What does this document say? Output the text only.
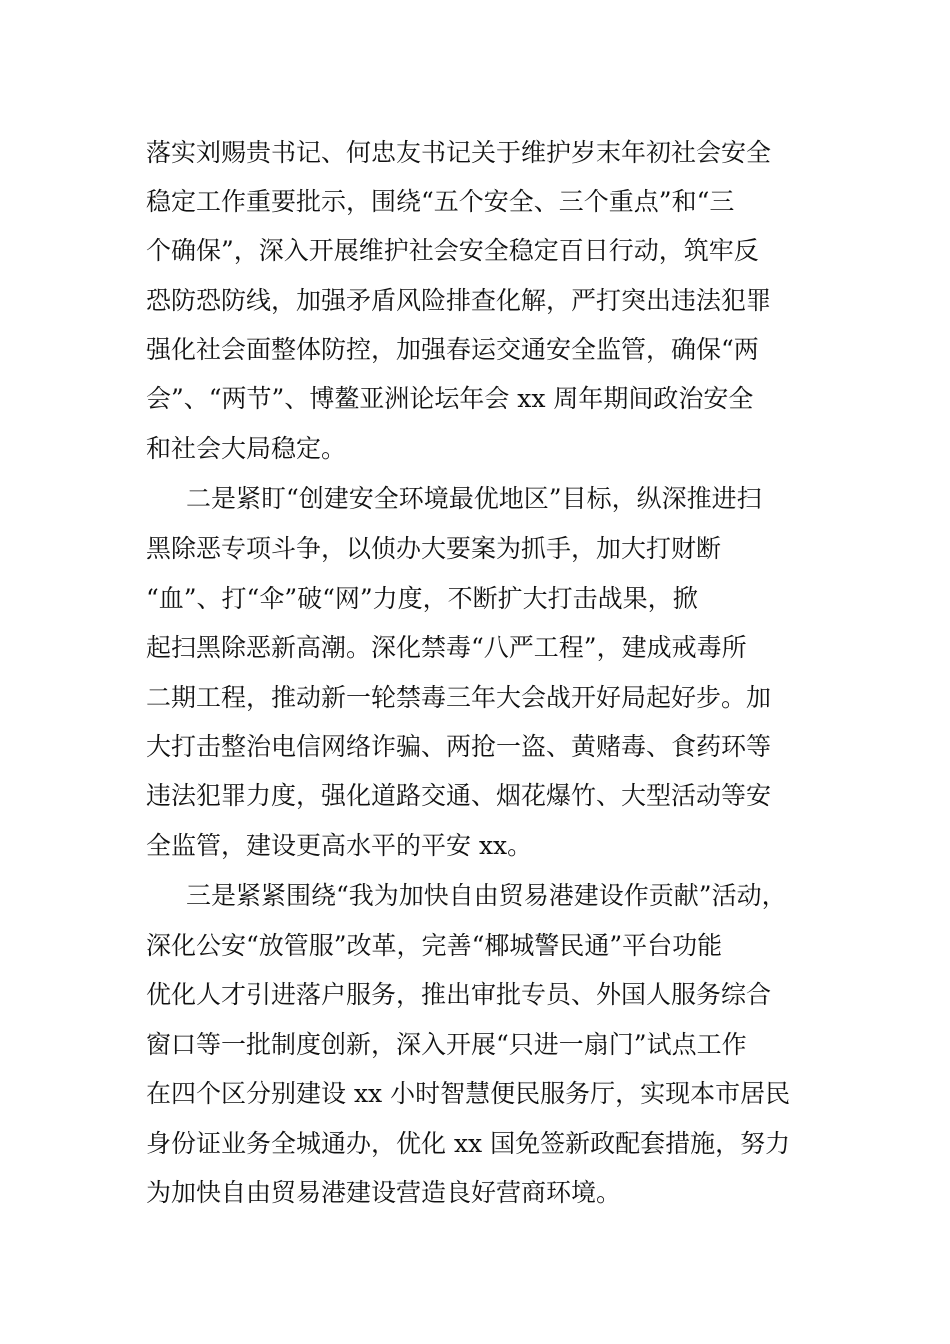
落实刘赐贵书记、何忠友书记关于维护岁末年初社会安全
稳定工作重要批示，围绕“五个安全、三个重点”和“三
个确保”，深入开展维护社会安全稳定百日行动，筑牢反
恐防恐防线，加强矛盾风险排查化解，严打突出违法犯罪
强化社会面整体防控，加强春运交通安全监管，确保“两
会”、“两节”、博鳌亚洲论坛年会 xx 周年期间政治安全
和社会大局稳定。
二是紧盯“创建安全环境最优地区”目标，纵深推进扫
黑除恶专项斗争，以侦办大要案为抓手，加大打财断
“血”、打“伞”破“网”力度，不断扩大打击战果，掀
起扫黑除恶新高潮。深化禁毒“八严工程”，建成戒毒所
二期工程，推动新一轮禁毒三年大会战开好局起好步。加
大打击整治电信网络诈骗、两抢一盗、黄赌毒、食药环等
违法犯罪力度，强化道路交通、烟花爆竹、大型活动等安
全监管，建设更高水平的平安 xx。
三是紧紧围绕“我为加快自由贸易港建设作贡献”活动，
深化公安“放管服”改革，完善“椰城警民通”平台功能
优化人才引进落户服务，推出审批专员、外国人服务综合
窗口等一批制度创新，深入开展“只进一扇门”试点工作
在四个区分别建设 xx 小时智慧便民服务厅，实现本市居民
身份证业务全城通办，优化 xx 国免签新政配套措施，努力
为加快自由贸易港建设营造良好营商环境。
